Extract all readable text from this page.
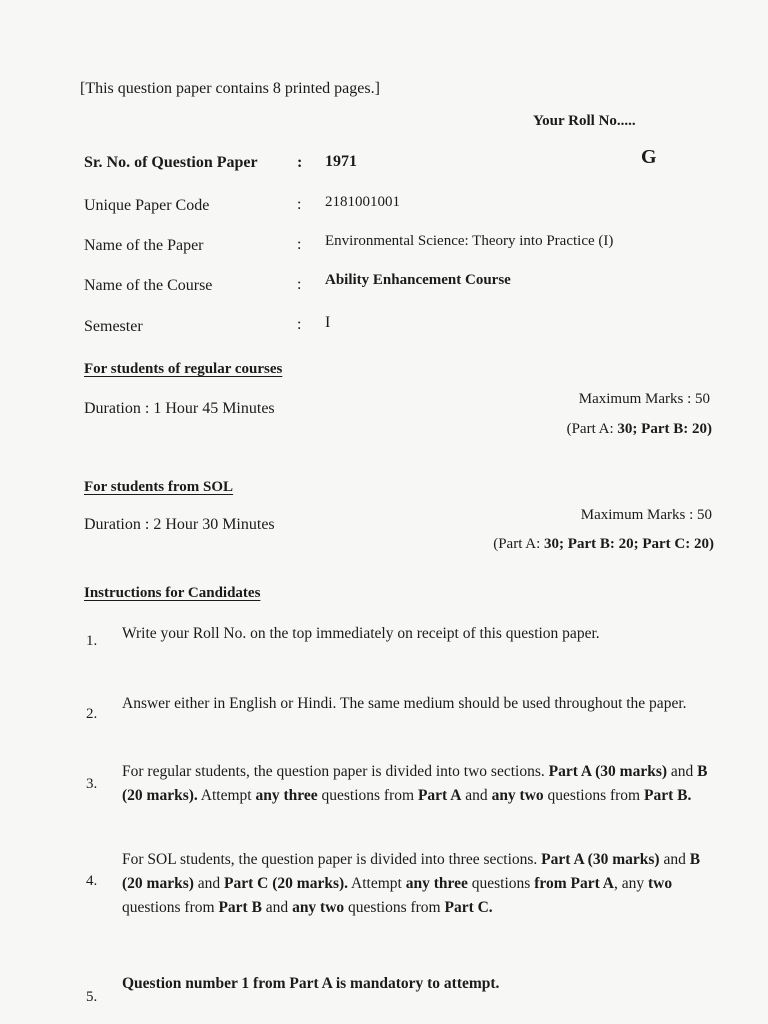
[This question paper contains 8 printed pages.]
Your Roll No.....
G
Sr. No. of Question Paper : 1971
Unique Paper Code	: 2181001001
Name of the Paper	: Environmental Science: Theory into Practice (I)
Name of the Course	: Ability Enhancement Course
Semester	: I
For students of regular courses
Duration : 1 Hour 45 Minutes
Maximum Marks : 50
(Part A: 30; Part B: 20)
For students from SOL
Duration : 2 Hour 30 Minutes
Maximum Marks : 50
(Part A: 30; Part B: 20; Part C: 20)
Instructions for Candidates
1. Write your Roll No. on the top immediately on receipt of this question paper.
2.
Answer either in English or Hindi. The same medium should be used throughout the paper.
3.
For regular students, the question paper is divided into two sections. Part A (30 marks) and B (20 marks). Attempt any three questions from Part A and any two questions from Part B.
4.
For SOL students, the question paper is divided into three sections. Part A (30 marks) and B (20 marks) and Part C (20 marks). Attempt any three questions from Part A, any two questions from Part B and any two questions from Part C.
5.
Question number 1 from Part A is mandatory to attempt.
